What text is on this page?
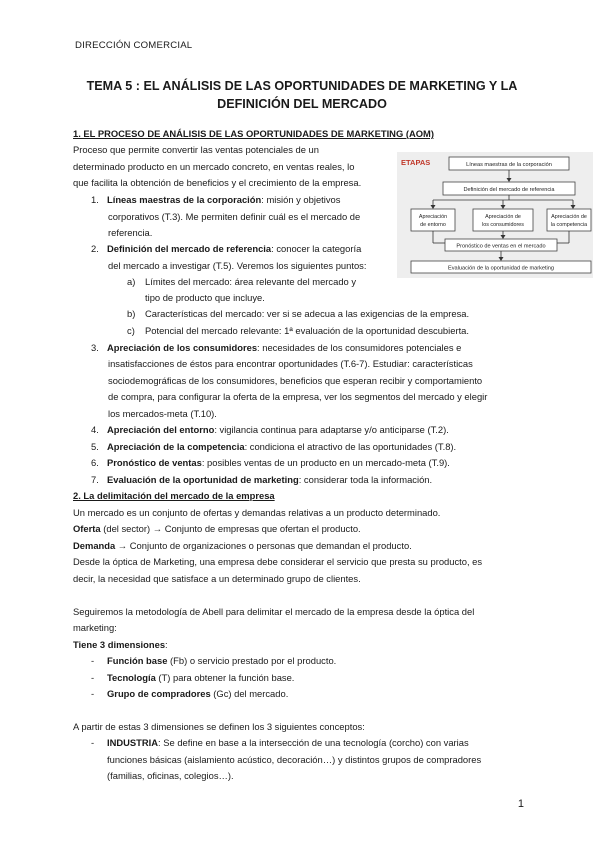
DIRECCIÓN COMERCIAL
TEMA 5 : EL ANÁLISIS DE LAS OPORTUNIDADES DE MARKETING Y LA
DEFINICIÓN DEL MERCADO
1. EL PROCESO DE ANÁLISIS DE LAS OPORTUNIDADES DE MARKETING (AOM)
Proceso que permite convertir las ventas potenciales de un
determinado producto en un mercado concreto, en ventas reales, lo
que facilita la obtención de beneficios y el crecimiento de la empresa.
1. Líneas maestras de la corporación: misión y objetivos
corporativos (T.3). Me permiten definir cuál es el mercado de
referencia.
2. Definición del mercado de referencia: conocer la categoría
del mercado a investigar (T.5). Veremos los siguientes puntos:
a) Límites del mercado: área relevante del mercado y
tipo de producto que incluye.
b) Características del mercado: ver si se adecua a las exigencias de la empresa.
c) Potencial del mercado relevante: 1ª evaluación de la oportunidad descubierta.
3. Apreciación de los consumidores: necesidades de los consumidores potenciales e
insatisfacciones de éstos para encontrar oportunidades (T.6-7). Estudiar: características
sociodemográficas de los consumidores, beneficios que esperan recibir y comportamiento
de compra, para configurar la oferta de la empresa, ver los segmentos del mercado y elegir
los mercados-meta (T.10).
4. Apreciación del entorno: vigilancia continua para adaptarse y/o anticiparse (T.2).
5. Apreciación de la competencia: condiciona el atractivo de las oportunidades (T.8).
6. Pronóstico de ventas: posibles ventas de un producto en un mercado-meta (T.9).
7. Evaluación de la oportunidad de marketing: considerar toda la información.
ETAPAS	Líneas maestras de la corporación
Definición del mercado de referencia
Apreciación
de entorno
Apreciación de
los consumidores
Apreciación de
la competencia
Pronóstico de ventas en el mercado
Evaluación de la oportunidad de marketing
2. La delimitación del mercado de la empresa
Un mercado es un conjunto de ofertas y demandas relativas a un producto determinado.
Oferta (del sector) → Conjunto de empresas que ofertan el producto.
Demanda → Conjunto de organizaciones o personas que demandan el producto.
Desde la óptica de Marketing, una empresa debe considerar el servicio que presta su producto, es
decir, la necesidad que satisface a un determinado grupo de clientes.
Seguiremos la metodología de Abell para delimitar el mercado de la empresa desde la óptica del
marketing:
Tiene 3 dimensiones:
- Función base (Fb) o servicio prestado por el producto.
- Tecnología (T) para obtener la función base.
- Grupo de compradores (Gc) del mercado.
A partir de estas 3 dimensiones se definen los 3 siguientes conceptos:
- INDUSTRIA: Se define en base a la intersección de una tecnología (corcho) con varias
funciones básicas (aislamiento acústico, decoración…) y distintos grupos de compradores
(familias, oficinas, colegios…).
1
